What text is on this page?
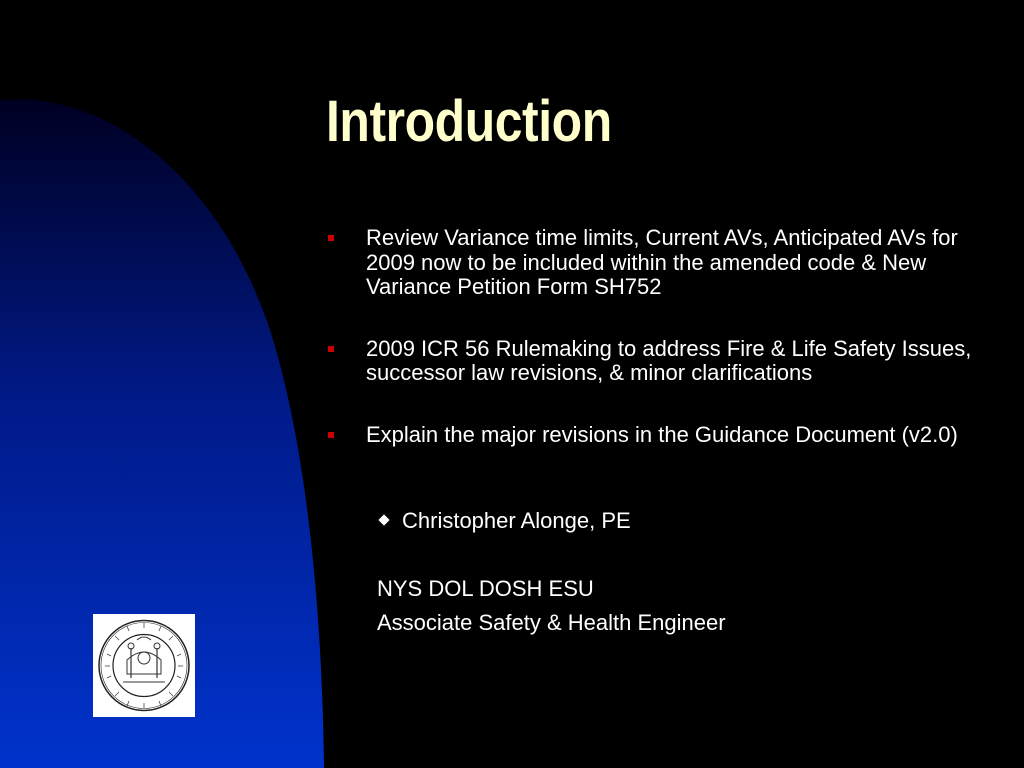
Introduction
Review Variance time limits, Current AVs, Anticipated AVs for 2009 now to be included within the amended code & New Variance Petition Form SH752
2009 ICR 56 Rulemaking to address Fire & Life Safety Issues, successor law revisions, & minor clarifications
Explain the major revisions in the Guidance Document (v2.0)
Christopher Alonge, PE
NYS DOL DOSH ESU
Associate Safety & Health Engineer
